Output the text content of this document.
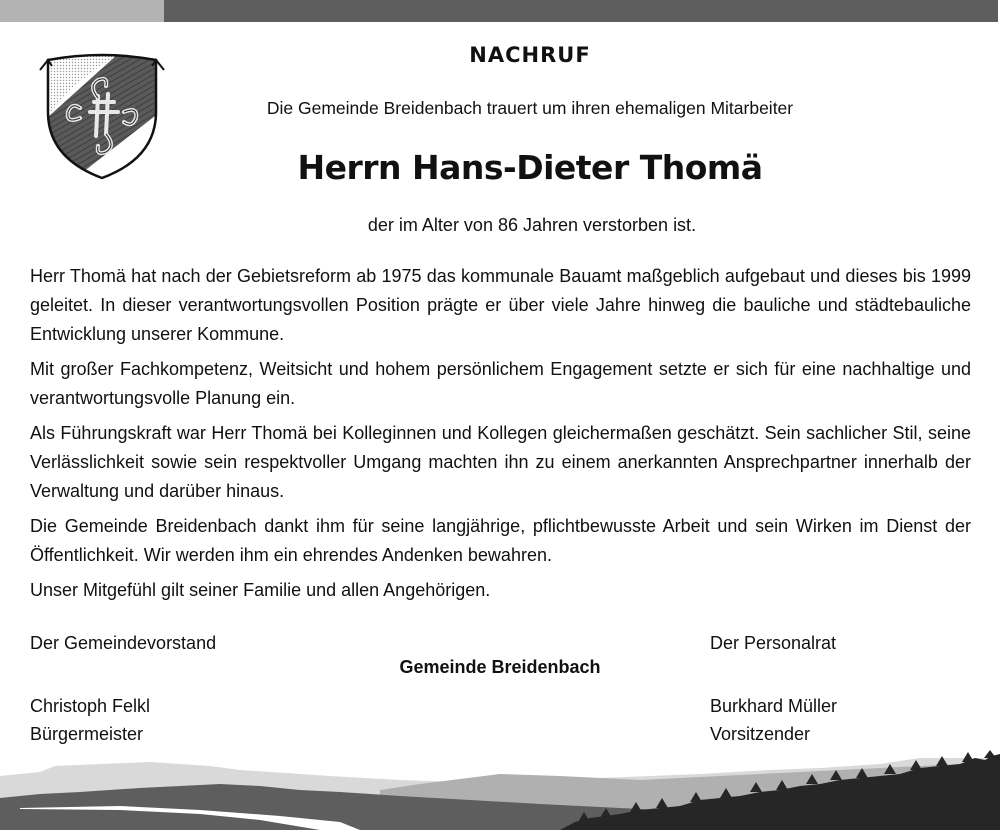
NACHRUF
Die Gemeinde Breidenbach trauert um ihren ehemaligen Mitarbeiter
Herrn Hans-Dieter Thomä
der im Alter von 86 Jahren verstorben ist.

Herr Thomä hat nach der Gebietsreform ab 1975 das kommunale Bauamt maßgeblich aufgebaut und dieses bis 1999 geleitet. In dieser verantwortungsvollen Position prägte er über viele Jahre hinweg die bauliche und städtebauliche Entwicklung unserer Kommune.

Mit großer Fachkompetenz, Weitsicht und hohem persönlichem Engagement setzte er sich für eine nachhaltige und verantwortungsvolle Planung ein.

Als Führungskraft war Herr Thomä bei Kolleginnen und Kollegen gleichermaßen geschätzt. Sein sachlicher Stil, seine Verlässlichkeit sowie sein respektvoller Umgang machten ihn zu einem anerkannten Ansprechpartner innerhalb der Verwaltung und darüber hinaus.

Die Gemeinde Breidenbach dankt ihm für seine langjährige, pflichtbewusste Arbeit und sein Wirken im Dienst der Öffentlichkeit. Wir werden ihm ein ehrendes Andenken bewahren.

Unser Mitgefühl gilt seiner Familie und allen Angehörigen.

Der Gemeindevorstand
Christoph Felkl
Bürgermeister
Gemeinde Breidenbach
Der Personalrat
Burkhard Müller
Vorsitzender
